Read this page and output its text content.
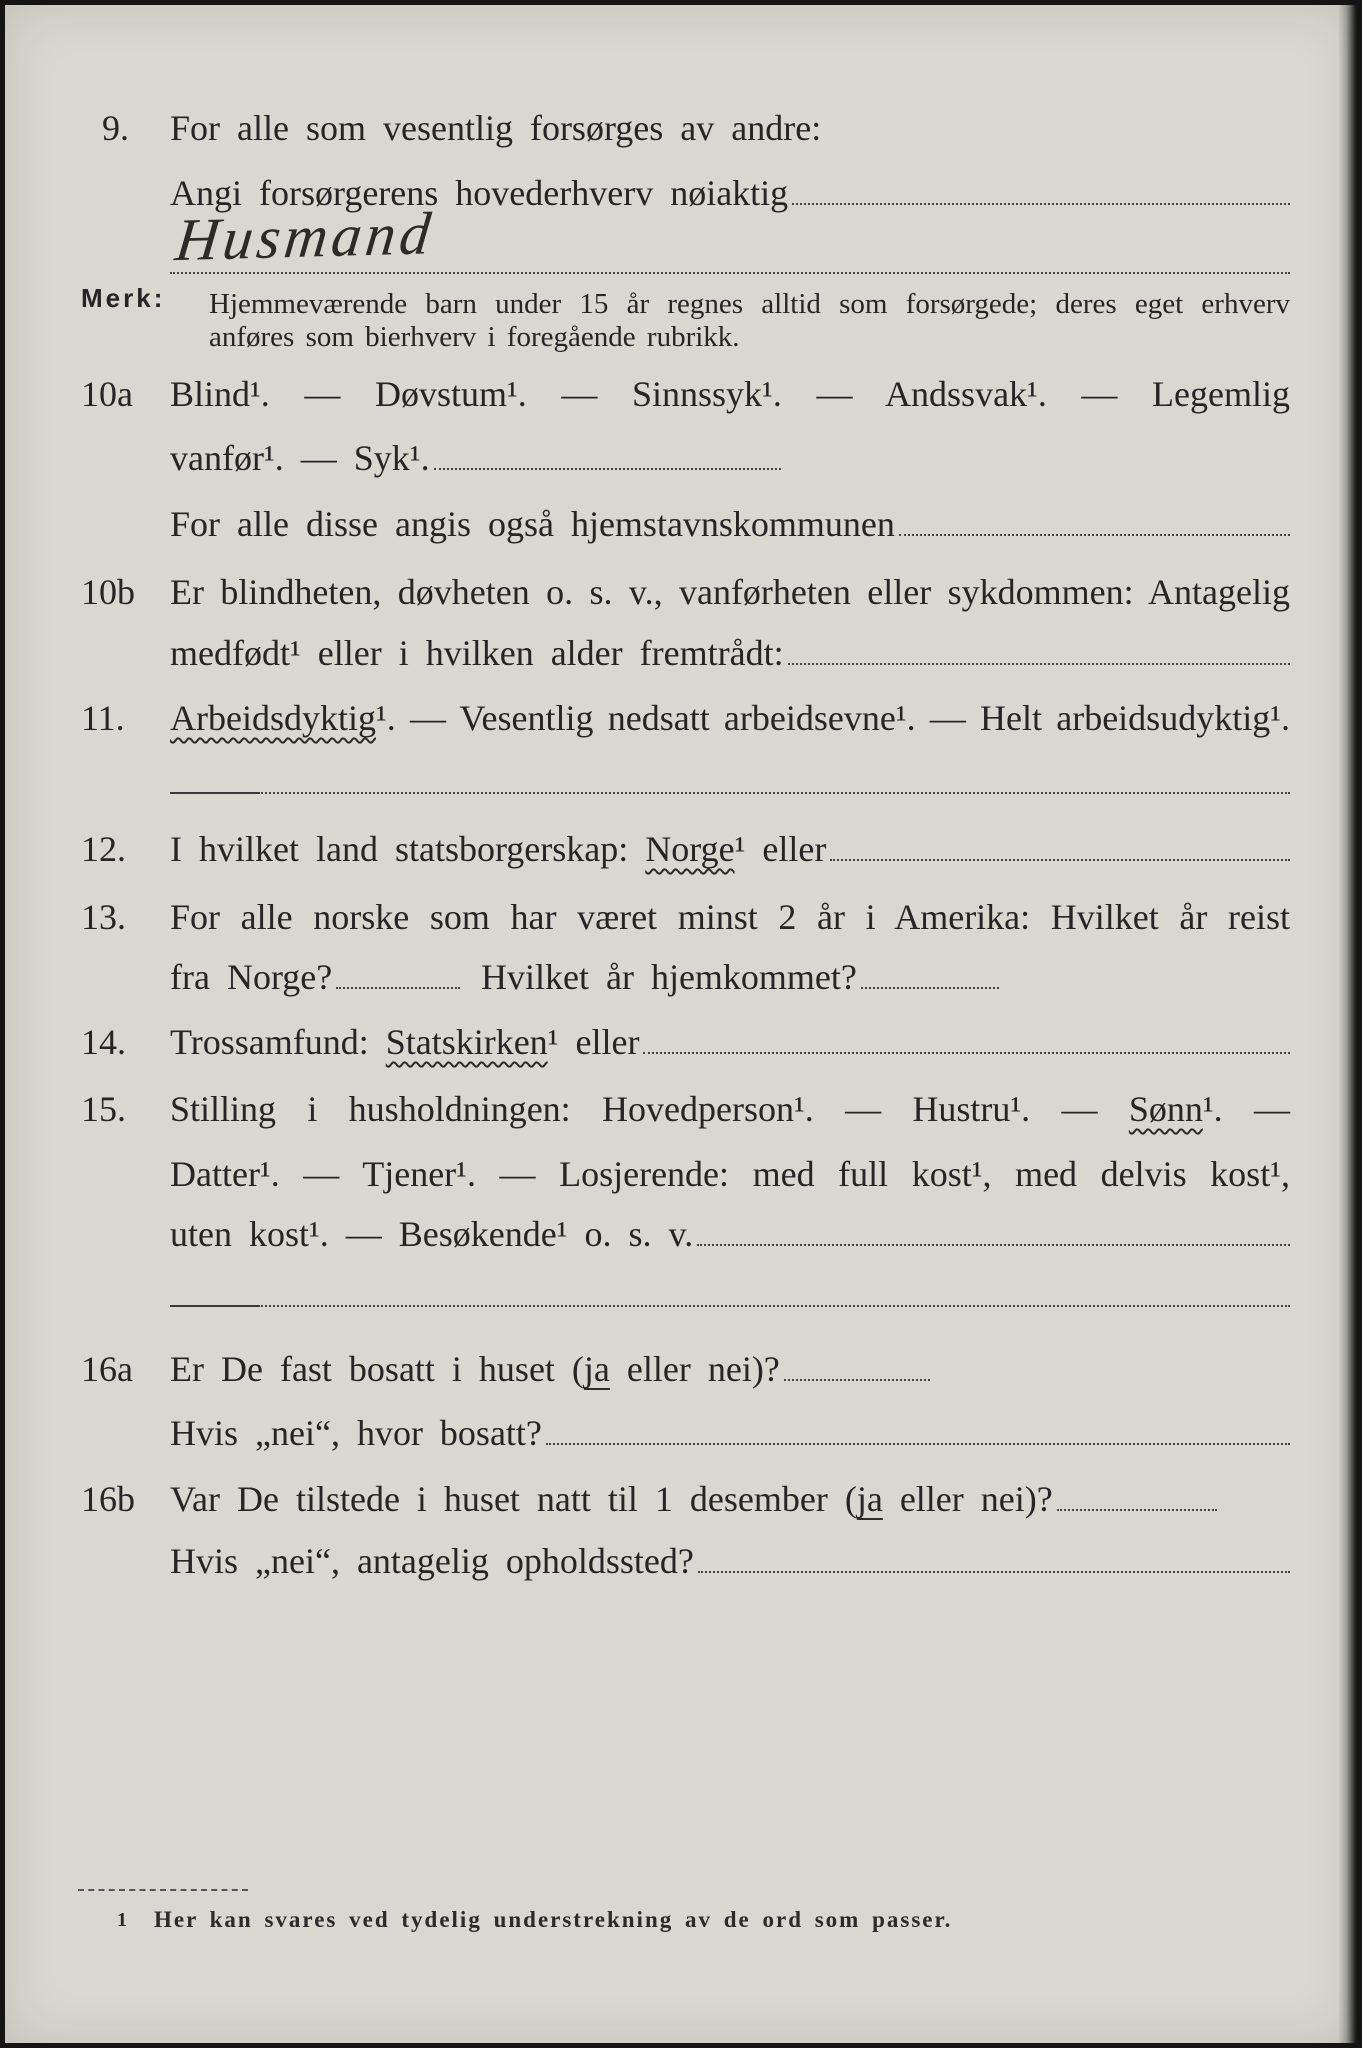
9. For alle som vesentlig forsørges av andre:
Angi forsørgerens hovederhverv nøiaktig
Husmand
Merk: Hjemmeværende barn under 15 år regnes alltid som forsørgede; deres eget erhverv
anføres som bierhverv i foregående rubrikk.
10a Blind¹. — Døvstum¹. — Sinnssyk¹. — Andssvak¹. — Legemlig
vanfør¹. — Syk¹.
For alle disse angis også hjemstavnskommunen
10b Er blindheten, døvheten o. s. v., vanførheten eller sykdommen: Antagelig
medfødt¹ eller i hvilken alder fremtrådt:
11. Arbeidsdyktig¹. — Vesentlig nedsatt arbeidsevne¹. — Helt arbeidsudyktig¹.
12. I hvilket land statsborgerskap: Norge¹ eller
13. For alle norske som har været minst 2 år i Amerika: Hvilket år reist
fra Norge?	Hvilket år hjemkommet?
14. Trossamfund: Statskirken¹ eller
15. Stilling i husholdningen: Hovedperson¹. — Hustru¹. — Sønn¹. —
Datter¹. — Tjener¹. — Losjerende: med full kost¹, med delvis kost¹,
uten kost¹. — Besøkende¹ o. s. v.
16a Er De fast bosatt i huset (ja eller nei)?
Hvis „nei“, hvor bosatt?
16b Var De tilstede i huset natt til 1 desember (ja eller nei)?
Hvis „nei“, antagelig opholdssted?
1 Her kan svares ved tydelig understrekning av de ord som passer.
